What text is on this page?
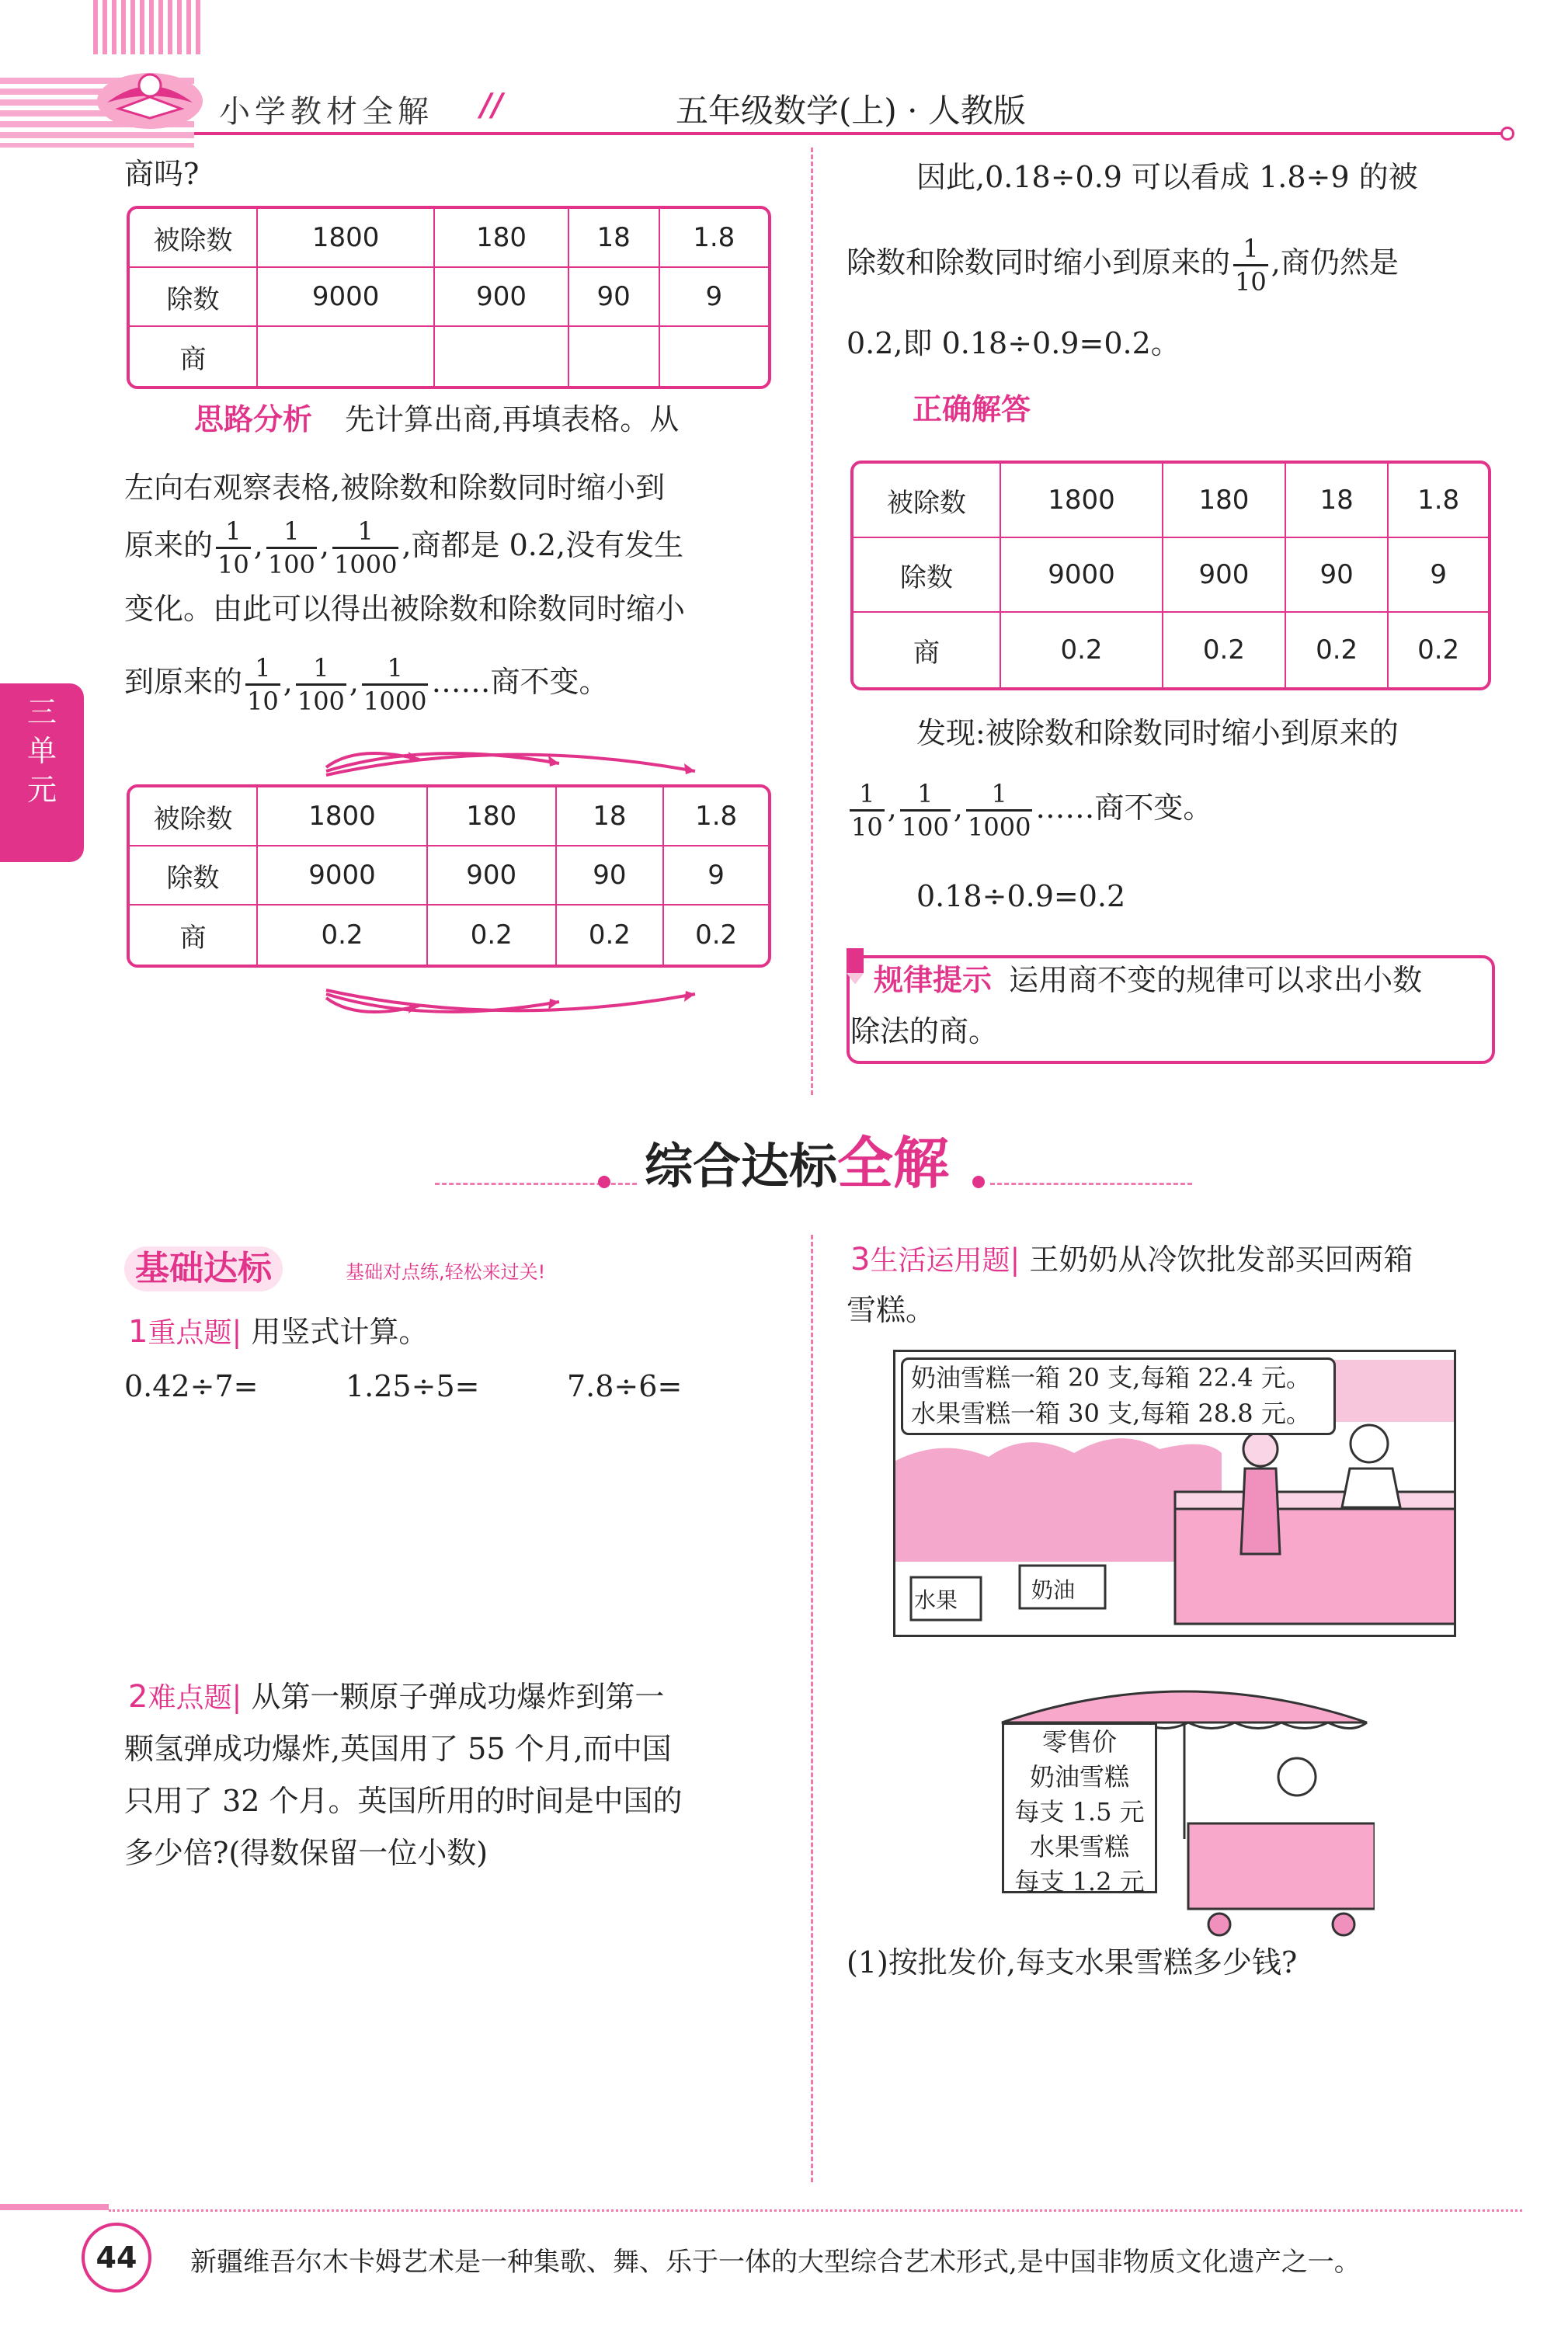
小学教材全解 //	五年级数学(上) · 人教版
三单元
商吗?
被除数	1800	180	18	1.8
除数	9000	900	90	9
商				
思路分析 先计算出商,再填表格。从
左向右观察表格,被除数和除数同时缩小到
原来的 $\frac{1}{10}$ , $\frac{1}{100}$ , $\frac{1}{1000}$ ,商都是 0.2,没有发生
变化。由此可以得出被除数和除数同时缩小
到原来的 $\frac{1}{10}$ , $\frac{1}{100}$ , $\frac{1}{1000}$ ……商不变。
被除数	1800	180	18	1.8
除数	9000	900	90	9
商	0.2	0.2	0.2	0.2
因此,0.18÷0.9 可以看成 1.8÷9 的被
除数和除数同时缩小到原来的 $\frac{1}{10}$ ,商仍然是
0.2,即 0.18÷0.9=0.2。
正确解答
被除数	1800	180	18	1.8
除数	9000	900	90	9
商	0.2	0.2	0.2	0.2
发现:被除数和除数同时缩小到原来的
$\frac{1}{10}$ , $\frac{1}{100}$ , $\frac{1}{1000}$ ……商不变。
0.18÷0.9=0.2
规律提示 运用商不变的规律可以求出小数
除法的商。
综合达标全解
基础达标	基础对点练,轻松来过关!
1重点题| 用竖式计算。
0.42÷7=	1.25÷5=	7.8÷6=
2难点题| 从第一颗原子弹成功爆炸到第一
颗氢弹成功爆炸,英国用了 55 个月,而中国
只用了 32 个月。英国所用的时间是中国的
多少倍?(得数保留一位小数)
3生活运用题| 王奶奶从冷饮批发部买回两箱
雪糕。
水果	奶油
奶油雪糕一箱 20 支,每箱 22.4 元。
水果雪糕一箱 30 支,每箱 28.8 元。
零售价
奶油雪糕
每支 1.5 元
水果雪糕
每支 1.2 元
(1)按批发价,每支水果雪糕多少钱?
44	新疆维吾尔木卡姆艺术是一种集歌、舞、乐于一体的大型综合艺术形式,是中国非物质文化遗产之一。
